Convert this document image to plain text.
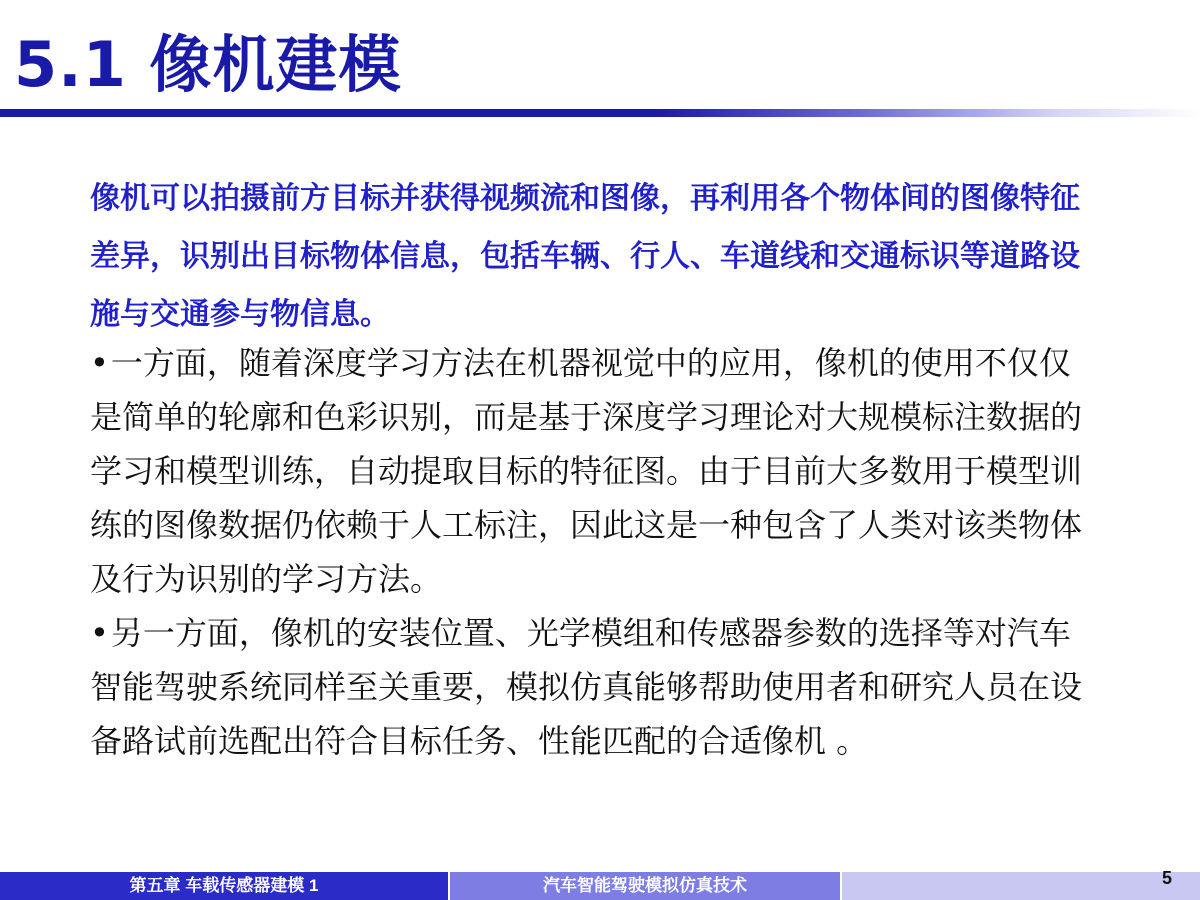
5.1 像机建模
像机可以拍摄前方目标并获得视频流和图像，再利用各个物体间的图像特征差异，识别出目标物体信息，包括车辆、行人、车道线和交通标识等道路设施与交通参与物信息。
•一方面，随着深度学习方法在机器视觉中的应用，像机的使用不仅仅是简单的轮廓和色彩识别，而是基于深度学习理论对大规模标注数据的学习和模型训练，自动提取目标的特征图。由于目前大多数用于模型训练的图像数据仍依赖于人工标注，因此这是一种包含了人类对该类物体及行为识别的学习方法。
•另一方面，像机的安装位置、光学模组和传感器参数的选择等对汽车智能驾驶系统同样至关重要，模拟仿真能够帮助使用者和研究人员在设备路试前选配出符合目标任务、性能匹配的合适像机 。
第五章 车载传感器建模 1	汽车智能驾驶模拟仿真技术	5
